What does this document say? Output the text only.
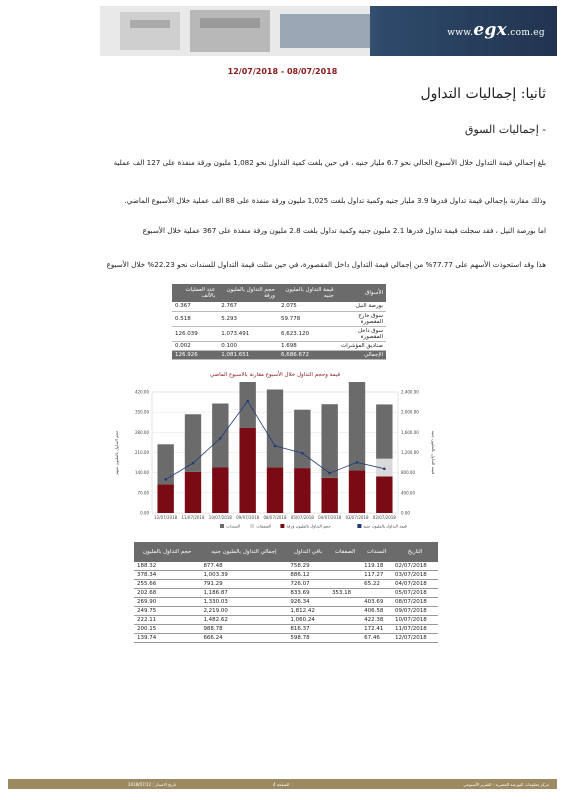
www.egx.com.eg
12/07/2018 - 08/07/2018
ثانيا: إجماليات التداول
- إجماليات السوق
بلغ إجمالي قيمة التداول خلال الأسبوع الحالي نحو 6.7 مليار جنيه ، في حين بلغت كمية التداول نحو 1,082 مليون ورقة منفذة على 127 الف عملية
وذلك مقارنة بإجمالي قيمة تداول قدرها 3.9 مليار جنيه وكمية تداول بلغت 1,025 مليون ورقة منفذة على 88 الف عملية خلال الأسبوع الماضي.
اما بورصة النيل ، فقد سجلت قيمة تداول قدرها 2.1 مليون جنيه وكمية تداول بلغت 2.8 مليون ورقة منفذة على 367 عملية خلال الأسبوع
هذا وقد استحوذت الأسهم على 77.77% من إجمالي قيمة التداول داخل المقصورة، في حين مثلت قيمة التداول للسندات نحو 22.23% خلال الأسبوع
الأسواق	قيمة التداول بالمليون جنيه	حجم التداول بالمليون ورقة	عدد العمليات بالألف
بورصة النيل	2.075	2.767	0.367
سوق خارج المقصورة	59.778	5.293	0.518
سوق داخل المقصورة	6,623.120	1,073.491	126.039
صناديق المؤشرات	1.698	0.100	0.002
الإجمالي	6,686.672	1,081.651	126.926
قيمة وحجم التداول خلال الأسبوع مقارنة بالاسبوع الماضي
0.00
70.00
140.00
210.00
280.00
350.00
420.00
0.00
400.00
800.00
1,200.00
1,600.00
2,000.00
2,400.00
12/07/2018 11/07/2018 10/07/2018 09/07/2018 08/07/2018 05/07/2018 04/07/2018 03/07/2018 02/07/2018
حجم التداول بالمليون سهم	قيمة التداول بالمليون جنيه
السندات	الصفقات	حجم التداول بالمليون ورقة	قيمة التداول بالمليون جنيه
التاريخ	السندات	الصفقات	باقي التداول	إجمالي التداول بالمليون جنيه	حجم التداول بالمليون
02/07/2018	119.18		758.29	877.48	188.32
03/07/2018	117.27		886.12	1,003.39	378.34
04/07/2018	65.22		726.07	791.29	255.66
05/07/2018		353.18	833.69	1,186.87	202.68
08/07/2018	403.69		926.34	1,330.03	269.90
09/07/2018	406.58		1,812.42	2,219.00	249.75
10/07/2018	422.38		1,060.24	1,482.62	222.11
11/07/2018	172.41		816.37	988.78	200.15
12/07/2018	67.46		598.78	666.24	139.74
مركز معلومات البورصة المصرية - التقرير الأسبوعي
الصفحة 4
تاريخ الاصدار : 2018/07/12
